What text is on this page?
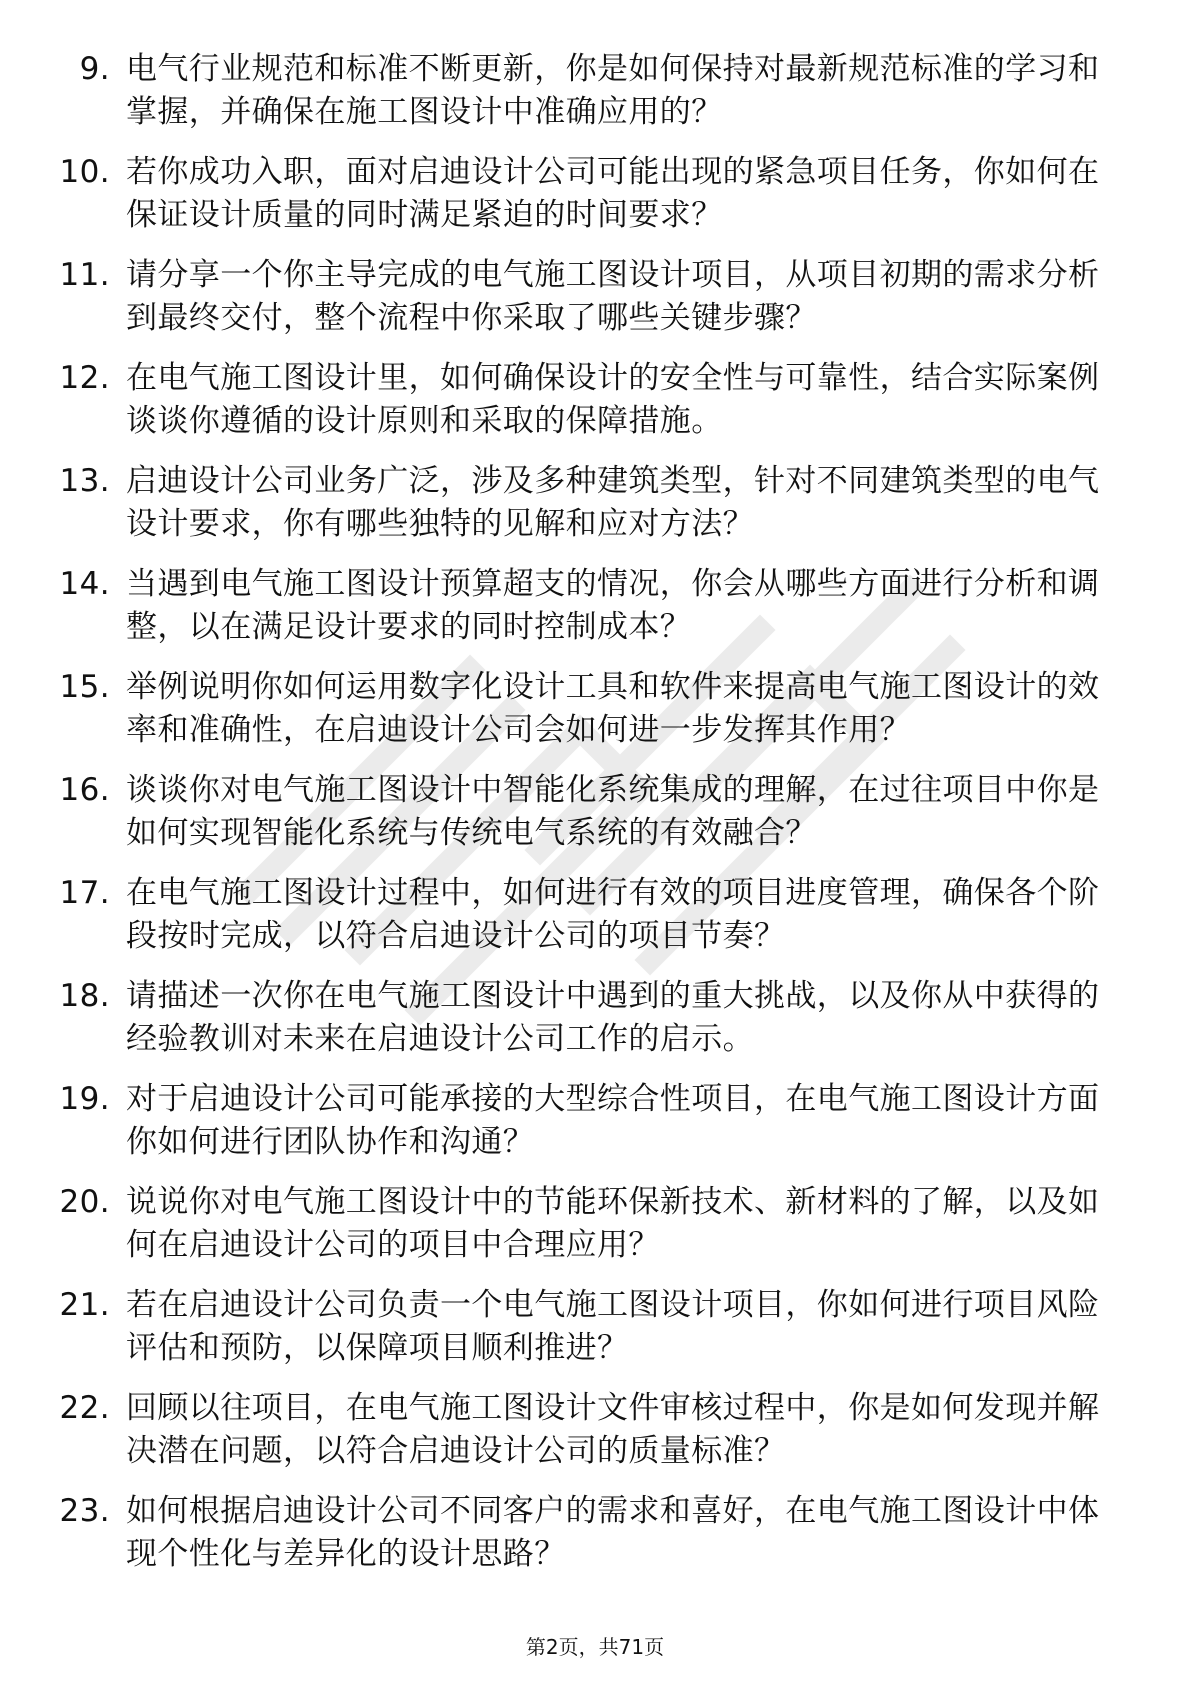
9. 电气行业规范和标准不断更新，你是如何保持对最新规范标准的学习和掌握，并确保在施工图设计中准确应用的？
10. 若你成功入职，面对启迪设计公司可能出现的紧急项目任务，你如何在保证设计质量的同时满足紧迫的时间要求？
11. 请分享一个你主导完成的电气施工图设计项目，从项目初期的需求分析到最终交付，整个流程中你采取了哪些关键步骤？
12. 在电气施工图设计里，如何确保设计的安全性与可靠性，结合实际案例谈谈你遵循的设计原则和采取的保障措施。
13. 启迪设计公司业务广泛，涉及多种建筑类型，针对不同建筑类型的电气设计要求，你有哪些独特的见解和应对方法？
14. 当遇到电气施工图设计预算超支的情况，你会从哪些方面进行分析和调整，以在满足设计要求的同时控制成本？
15. 举例说明你如何运用数字化设计工具和软件来提高电气施工图设计的效率和准确性，在启迪设计公司会如何进一步发挥其作用？
16. 谈谈你对电气施工图设计中智能化系统集成的理解，在过往项目中你是如何实现智能化系统与传统电气系统的有效融合？
17. 在电气施工图设计过程中，如何进行有效的项目进度管理，确保各个阶段按时完成，以符合启迪设计公司的项目节奏？
18. 请描述一次你在电气施工图设计中遇到的重大挑战，以及你从中获得的经验教训对未来在启迪设计公司工作的启示。
19. 对于启迪设计公司可能承接的大型综合性项目，在电气施工图设计方面你如何进行团队协作和沟通？
20. 说说你对电气施工图设计中的节能环保新技术、新材料的了解，以及如何在启迪设计公司的项目中合理应用？
21. 若在启迪设计公司负责一个电气施工图设计项目，你如何进行项目风险评估和预防，以保障项目顺利推进？
22. 回顾以往项目，在电气施工图设计文件审核过程中，你是如何发现并解决潜在问题，以符合启迪设计公司的质量标准？
23. 如何根据启迪设计公司不同客户的需求和喜好，在电气施工图设计中体现个性化与差异化的设计思路？
第2页，共71页
